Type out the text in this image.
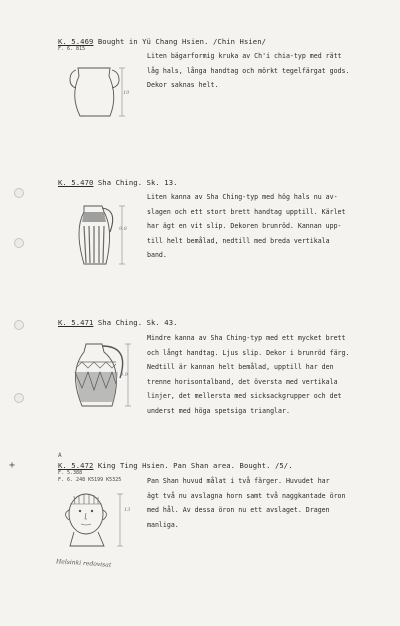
+
K. 5.469 Bought in Yü Chang Hsien. /Chin Hsien/
F. 6. 815
Liten bägarformig kruka av Ch'i chia-typ med rätt
låg hals, långa handtag och mörkt tegelfärgat gods.
Dekor saknas helt.
10
K. 5.470 Sha Ching. Sk. 13.
Liten kanna av Sha Ching-typ med hög hals nu av-
slagen och ett stort brett handtag upptill. Kärlet
har ägt en vit slip. Dekoren brunröd. Kannan upp-
till helt bemålad, nedtill med breda vertikala
band.
9.8
K. 5.471 Sha Ching. Sk. 43.
Mindre kanna av Sha Ching-typ med ett mycket brett
och långt handtag. Ljus slip. Dekor i brunröd färg.
Nedtill är kannan helt bemålad, upptill har den
trenne horisontalband, det översta med vertikala
linjer, det mellersta med sicksackgrupper och det
underst med höga spetsiga trianglar.
9.9
A
K. 5.472 King Ting Hsien. Pan Shan area. Bought. /5/.
F. 5.388
F. 6. 248 K5199 K5325	Pan Shan huvud målat i två färger. Huvudet har
ägt två nu avslagna horn samt två naggkantade öron
med hål. Av dessa öron nu ett avslaget. Dragen
manliga.
13
Helsinki redovisat
